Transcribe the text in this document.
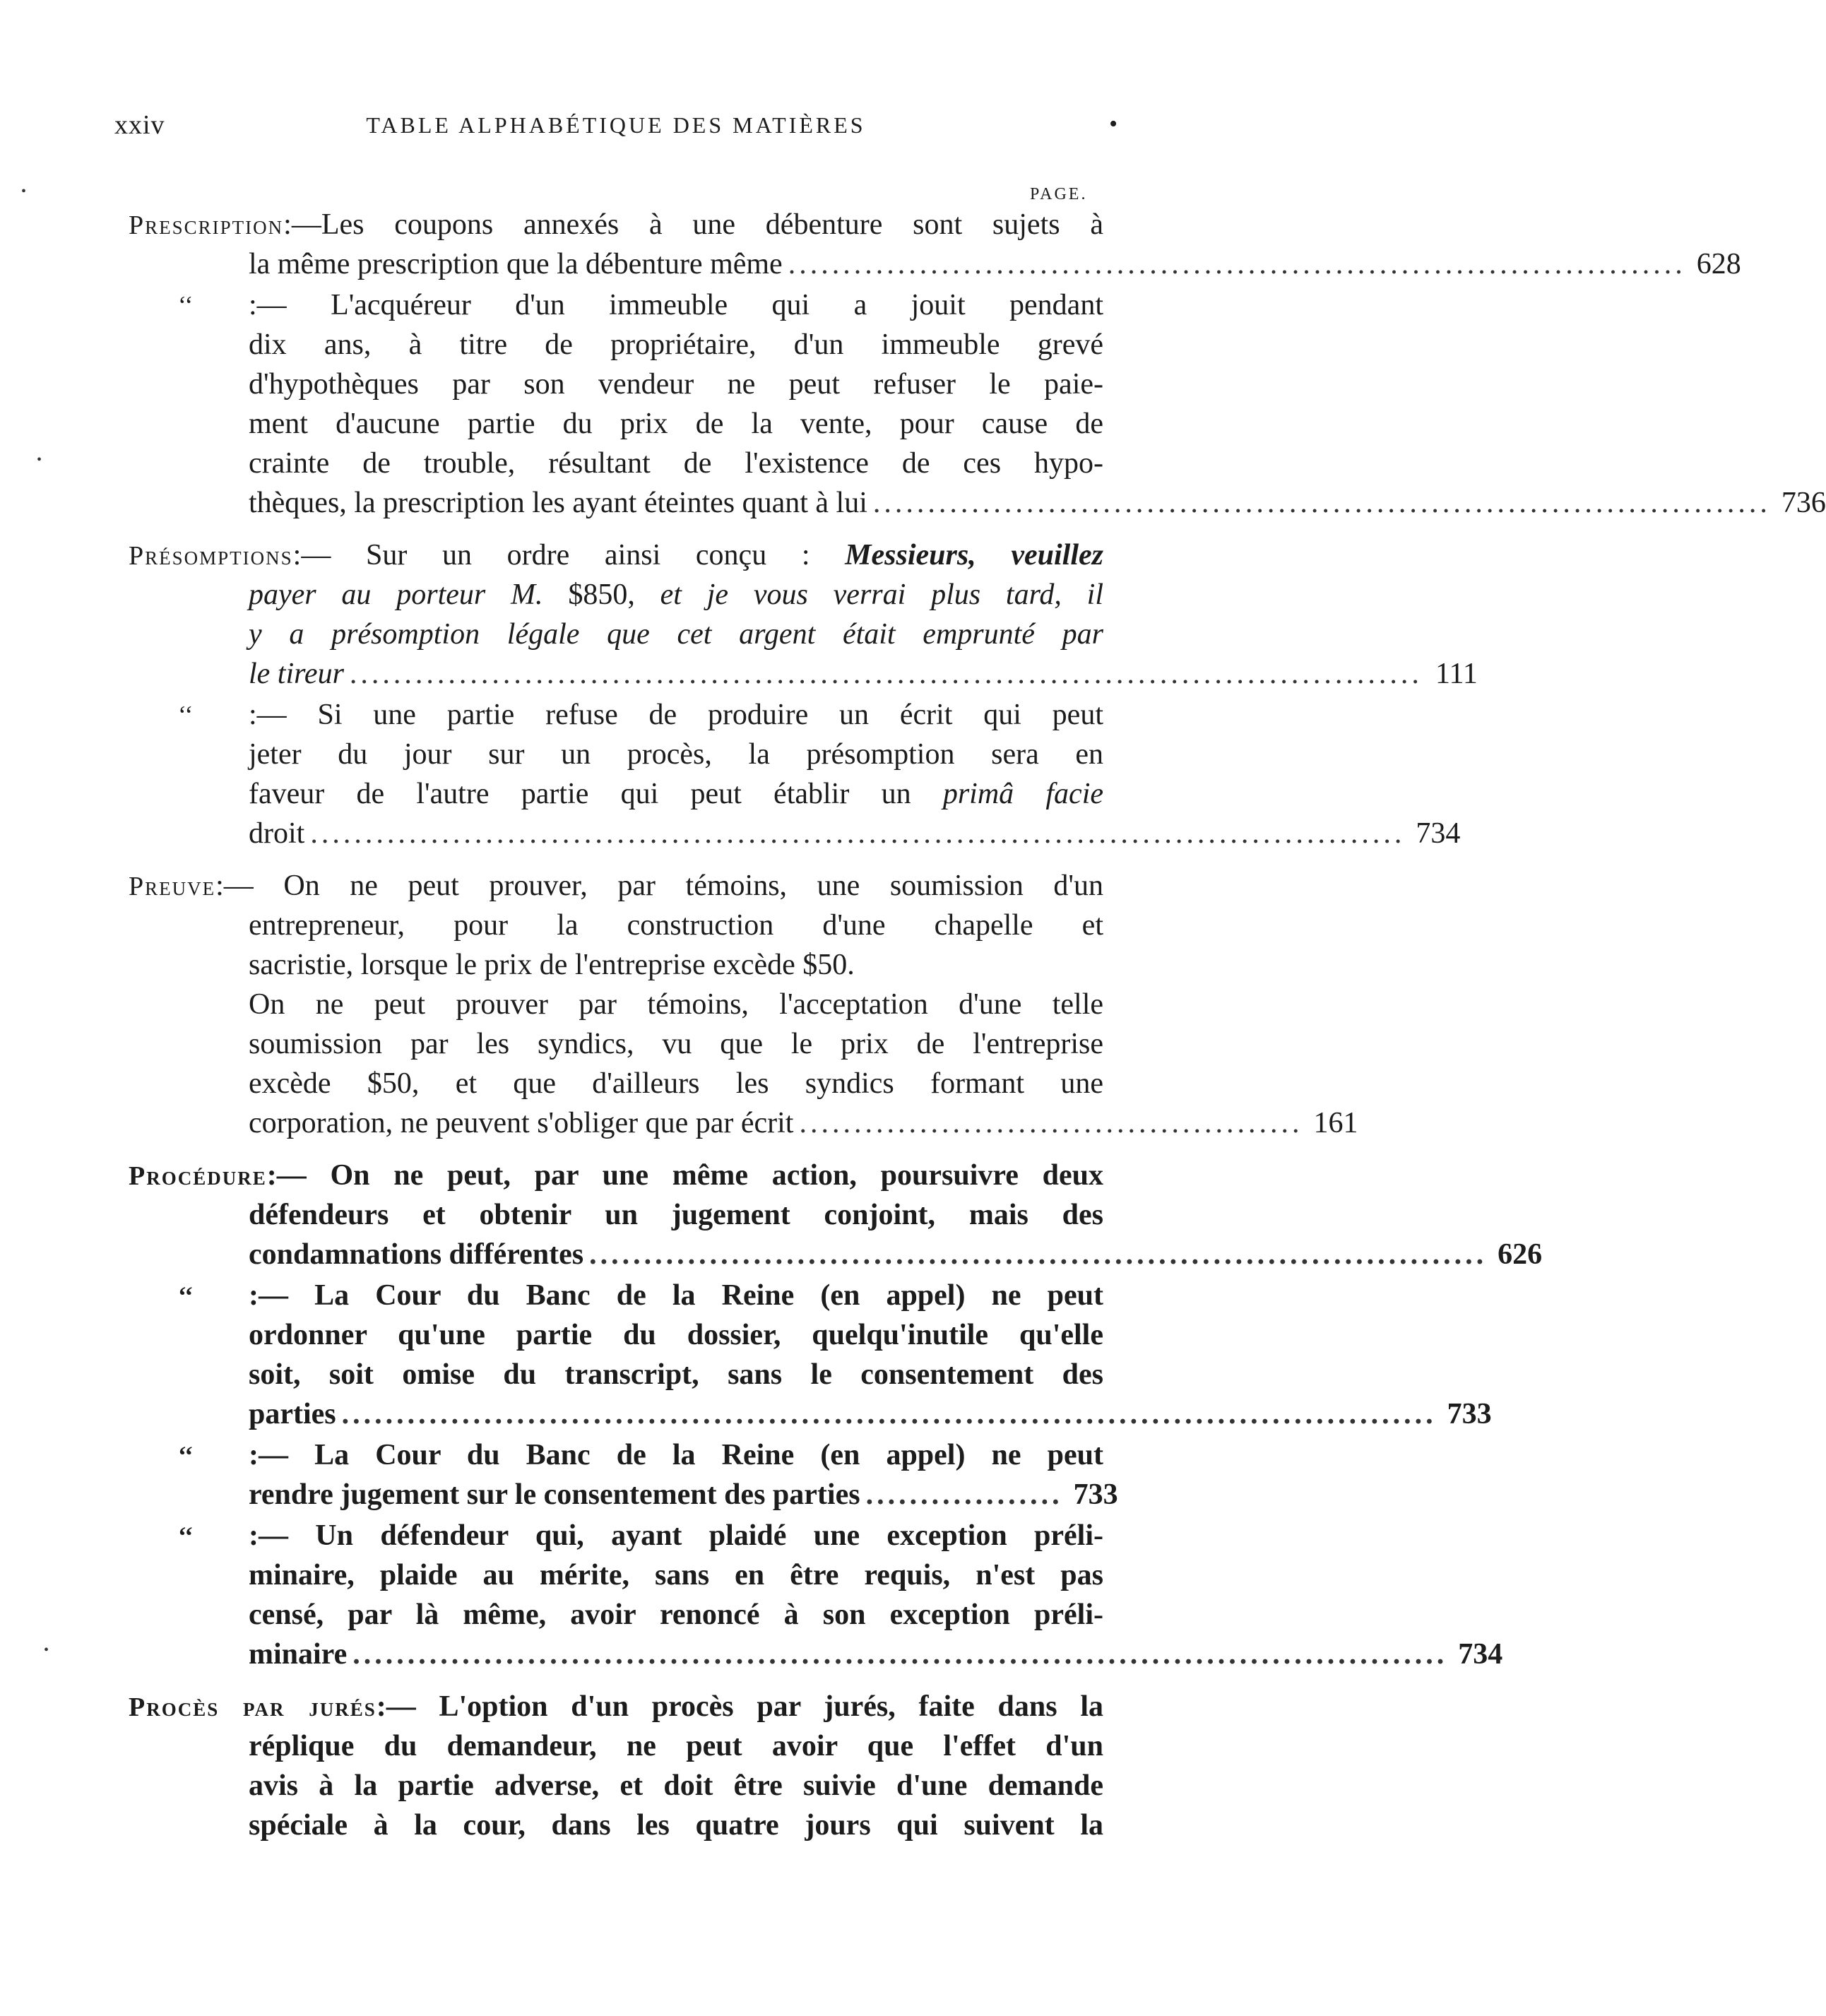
xxiv	TABLE ALPHABÉTIQUE DES MATIÈRES	•
PAGE.
•
•
•
Prescription:—Les coupons annexés à une débenture sont sujets à
la même prescription que la débenture même .................................................................................. 628
‘‘ :— L'acquéreur d'un immeuble qui a jouit pendant
dix ans, à titre de propriétaire, d'un immeuble grevé
d'hypothèques par son vendeur ne peut refuser le paie-
ment d'aucune partie du prix de la vente, pour cause de
crainte de trouble, résultant de l'existence de ces hypo-
thèques, la prescription les ayant éteintes quant à lui .................................................................................. 736
Présomptions:— Sur un ordre ainsi conçu : Messieurs, veuillez
payer au porteur M. $850, et je vous verrai plus tard, il
y a présomption légale que cet argent était emprunté par
le tireur .................................................................................................. 111
‘‘ :— Si une partie refuse de produire un écrit qui peut
jeter du jour sur un procès, la présomption sera en
faveur de l'autre partie qui peut établir un primâ facie
droit .................................................................................................... 734
Preuve:— On ne peut prouver, par témoins, une soumission d'un
entrepreneur, pour la construction d'une chapelle et
sacristie, lorsque le prix de l'entreprise excède $50.
On ne peut prouver par témoins, l'acceptation d'une telle
soumission par les syndics, vu que le prix de l'entreprise
excède $50, et que d'ailleurs les syndics formant une
corporation, ne peuvent s'obliger que par écrit .............................................. 161
Procédure:— On ne peut, par une même action, poursuivre deux
défendeurs et obtenir un jugement conjoint, mais des
condamnations différentes .................................................................................. 626
‘‘ :— La Cour du Banc de la Reine (en appel) ne peut
ordonner qu'une partie du dossier, quelqu'inutile qu'elle
soit, soit omise du transcript, sans le consentement des
parties .................................................................................................... 733
‘‘ :— La Cour du Banc de la Reine (en appel) ne peut
rendre jugement sur le consentement des parties .................. 733
‘‘ :— Un défendeur qui, ayant plaidé une exception préli-
minaire, plaide au mérite, sans en être requis, n'est pas
censé, par là même, avoir renoncé à son exception préli-
minaire .................................................................................................... 734
Procès par jurés:— L'option d'un procès par jurés, faite dans la
réplique du demandeur, ne peut avoir que l'effet d'un
avis à la partie adverse, et doit être suivie d'une demande
spéciale à la cour, dans les quatre jours qui suivent la
